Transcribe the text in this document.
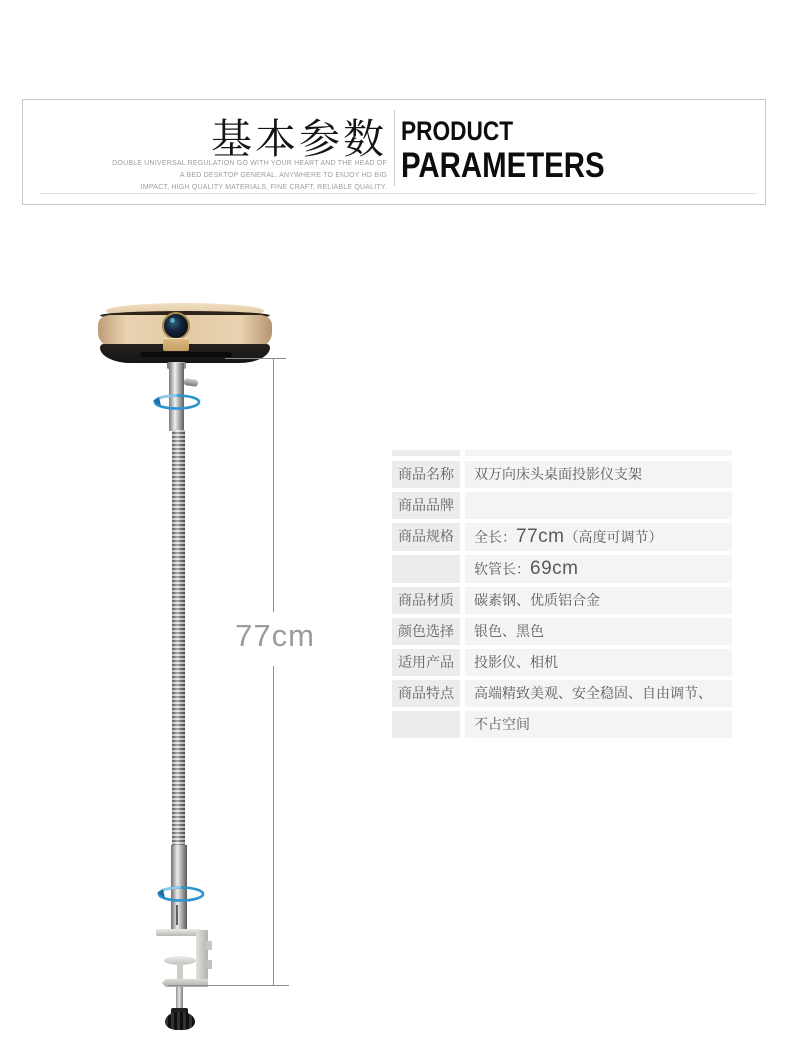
基本参数
DOUBLE UNIVERSAL REGULATION GO WITH YOUR HEART AND THE HEAD OF
A BED DESKTOP GENERAL, ANYWHERE TO ENJOY HD BIG
IMPACT, HIGH QUALITY MATERIALS, FINE CRAFT, RELIABLE QUALITY.
PRODUCT
PARAMETERS
77cm
商品名称	双万向床头桌面投影仪支架
商品品牌
商品规格	全长：77cm（高度可调节）
软管长：69cm
商品材质	碳素钢、优质铝合金
颜色选择	银色、黑色
适用产品	投影仪、相机
商品特点	高端精致美观、安全稳固、自由调节、
不占空间
